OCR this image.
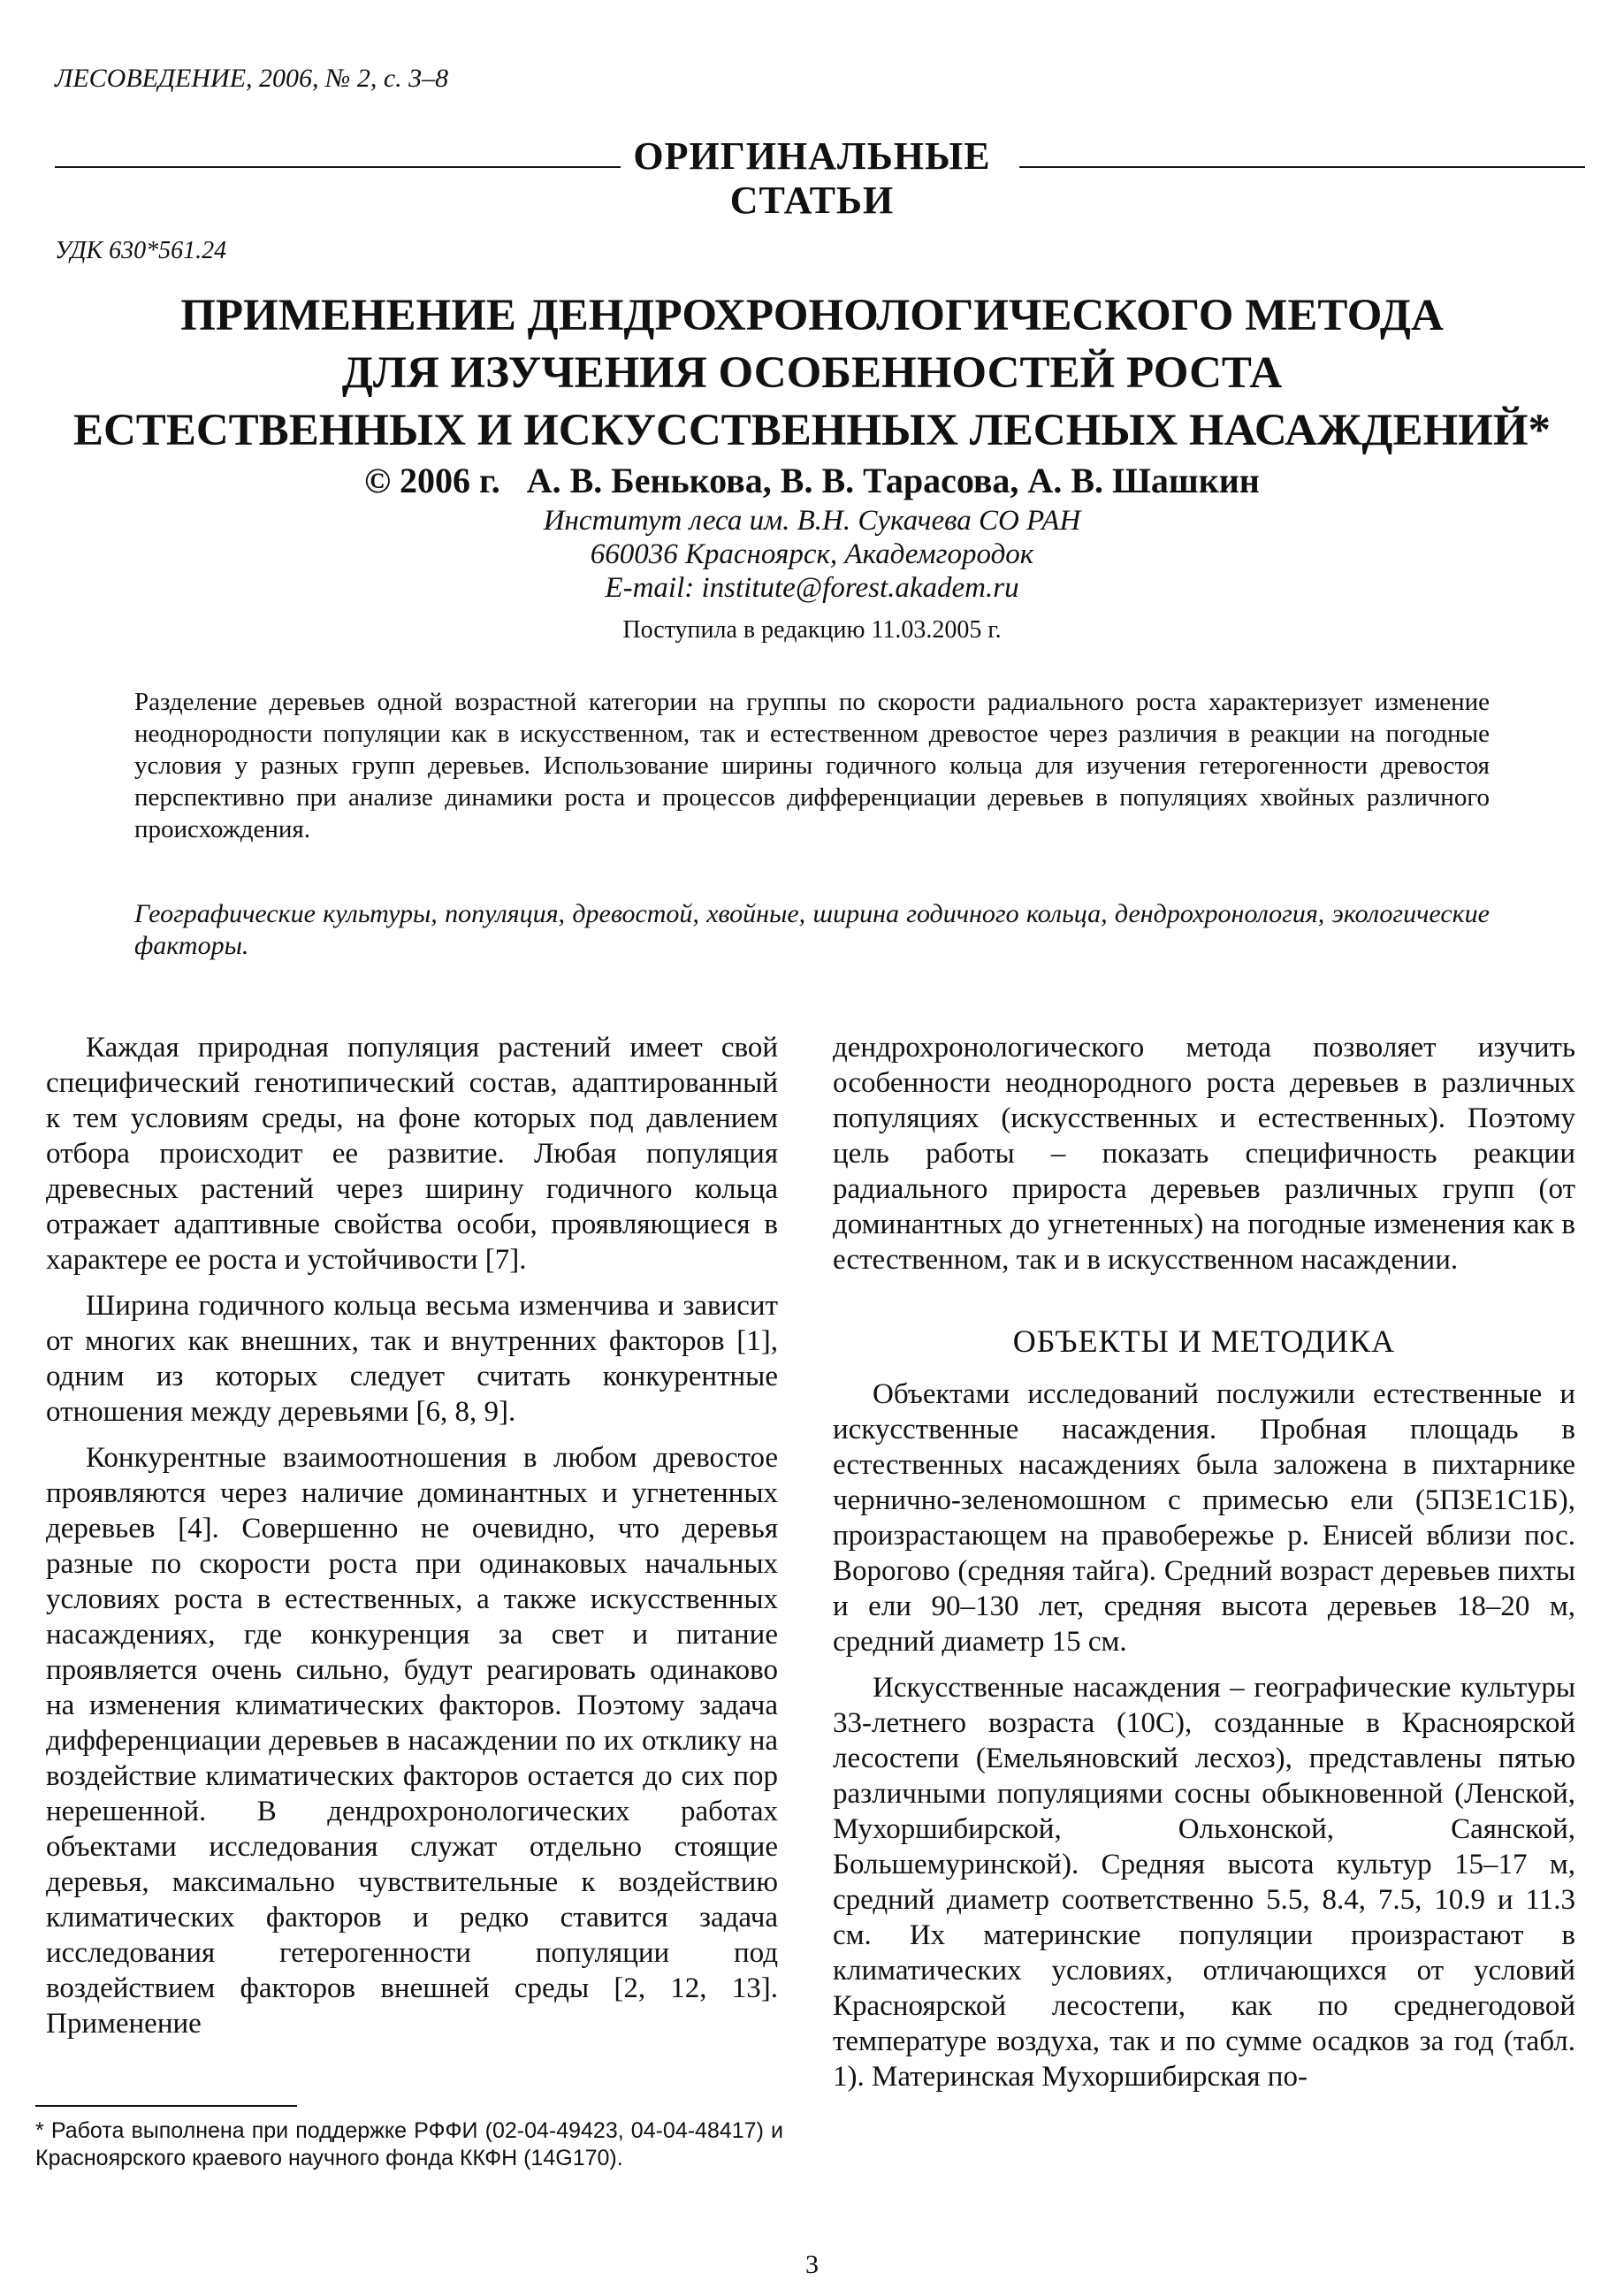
ЛЕСОВЕДЕНИЕ, 2006, № 2, с. 3–8
ОРИГИНАЛЬНЫЕ
СТАТЬИ
УДК 630*561.24
ПРИМЕНЕНИЕ ДЕНДРОХРОНОЛОГИЧЕСКОГО МЕТОДА
ДЛЯ ИЗУЧЕНИЯ ОСОБЕННОСТЕЙ РОСТА
ЕСТЕСТВЕННЫХ И ИСКУССТВЕННЫХ ЛЕСНЫХ НАСАЖДЕНИЙ*
© 2006 г.   А. В. Бенькова, В. В. Тарасова, А. В. Шашкин
Институт леса им. В.Н. Сукачева СО РАН
660036 Красноярск, Академгородок
E-mail: institute@forest.akadem.ru
Поступила в редакцию 11.03.2005 г.

Разделение деревьев одной возрастной категории на группы по скорости радиального роста характеризует изменение неоднородности популяции как в искусственном, так и естественном древостое через различия в реакции на погодные условия у разных групп деревьев. Использование ширины годичного кольца для изучения гетерогенности древостоя перспективно при анализе динамики роста и процессов дифференциации деревьев в популяциях хвойных различного происхождения.

Географические культуры, популяция, древостой, хвойные, ширина годичного кольца, дендрохронология, экологические факторы.

Каждая природная популяция растений имеет свой специфический генотипический состав, адаптированный к тем условиям среды, на фоне которых под давлением отбора происходит ее развитие. Любая популяция древесных растений через ширину годичного кольца отражает адаптивные свойства особи, проявляющиеся в характере ее роста и устойчивости [7].

Ширина годичного кольца весьма изменчива и зависит от многих как внешних, так и внутренних факторов [1], одним из которых следует считать конкурентные отношения между деревьями [6, 8, 9].

Конкурентные взаимоотношения в любом древостое проявляются через наличие доминантных и угнетенных деревьев [4]. Совершенно не очевидно, что деревья разные по скорости роста при одинаковых начальных условиях роста в естественных, а также искусственных насаждениях, где конкуренция за свет и питание проявляется очень сильно, будут реагировать одинаково на изменения климатических факторов. Поэтому задача дифференциации деревьев в насаждении по их отклику на воздействие климатических факторов остается до сих пор нерешенной. В дендрохронологических работах объектами исследования служат отдельно стоящие деревья, максимально чувствительные к воздействию климатических факторов и редко ставится задача исследования гетерогенности популяции под воздействием факторов внешней среды [2, 12, 13]. Применение

дендрохронологического метода позволяет изучить особенности неоднородного роста деревьев в различных популяциях (искусственных и естественных). Поэтому цель работы – показать специфичность реакции радиального прироста деревьев различных групп (от доминантных до угнетенных) на погодные изменения как в естественном, так и в искусственном насаждении.

ОБЪЕКТЫ И МЕТОДИКА

Объектами исследований послужили естественные и искусственные насаждения. Пробная площадь в естественных насаждениях была заложена в пихтарнике чернично-зеленомошном с примесью ели (5П3Е1С1Б), произрастающем на правобережье р. Енисей вблизи пос. Ворогово (средняя тайга). Средний возраст деревьев пихты и ели 90–130 лет, средняя высота деревьев 18–20 м, средний диаметр 15 см.

Искусственные насаждения – географические культуры 33-летнего возраста (10С), созданные в Красноярской лесостепи (Емельяновский лесхоз), представлены пятью различными популяциями сосны обыкновенной (Ленской, Мухоршибирской, Ольхонской, Саянской, Большемуринской). Средняя высота культур 15–17 м, средний диаметр соответственно 5.5, 8.4, 7.5, 10.9 и 11.3 см. Их материнские популяции произрастают в климатических условиях, отличающихся от условий Красноярской лесостепи, как по среднегодовой температуре воздуха, так и по сумме осадков за год (табл. 1). Материнская Мухоршибирская по-

* Работа выполнена при поддержке РФФИ (02-04-49423, 04-04-48417) и Красноярского краевого научного фонда ККФН (14G170).
3
